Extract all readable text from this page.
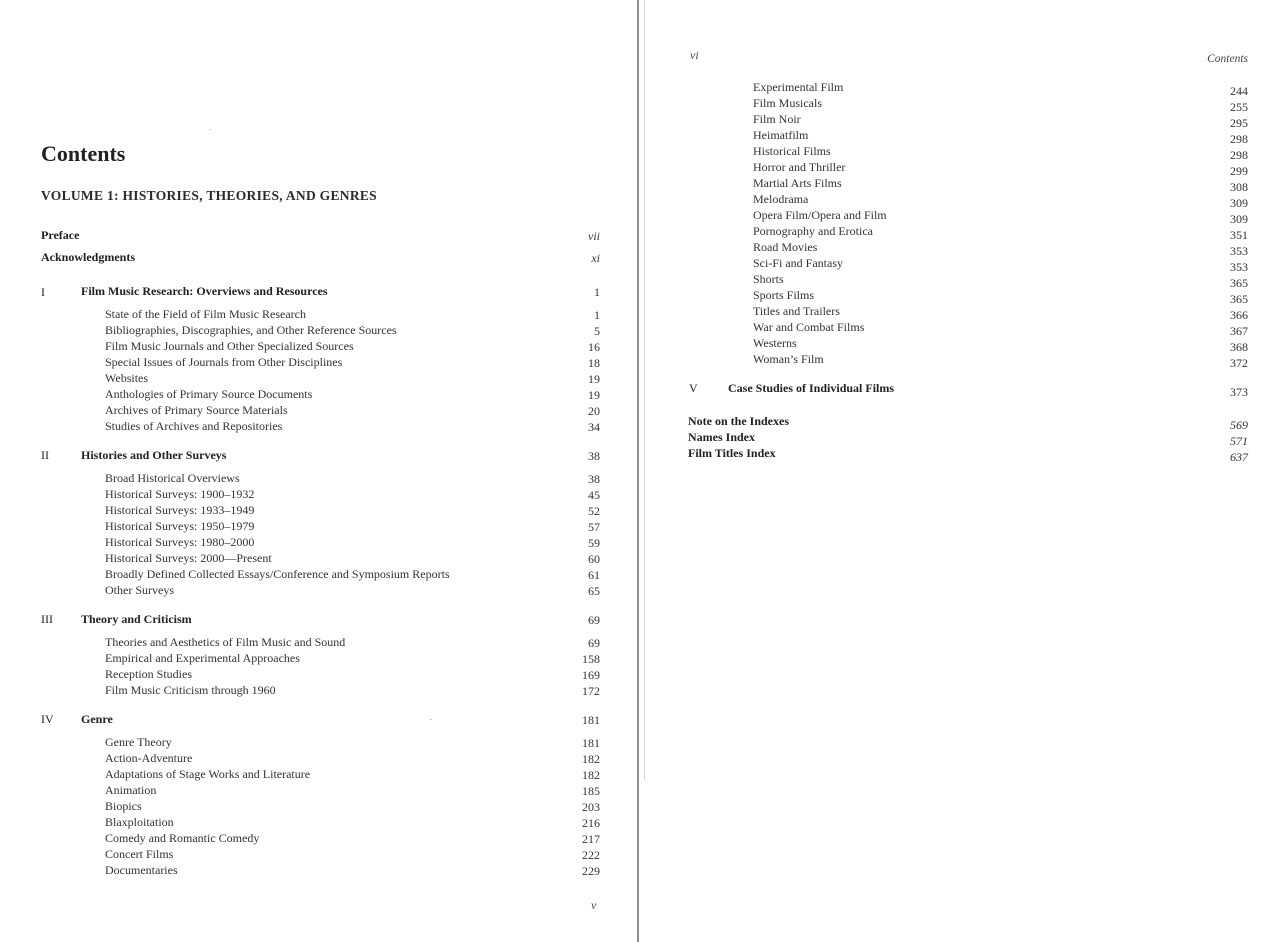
Contents
VOLUME 1: HISTORIES, THEORIES, AND GENRES
Preface	vii
Acknowledgments	xi
I	Film Music Research: Overviews and Resources	1
State of the Field of Film Music Research	1
Bibliographies, Discographies, and Other Reference Sources	5
Film Music Journals and Other Specialized Sources	16
Special Issues of Journals from Other Disciplines	18
Websites	19
Anthologies of Primary Source Documents	19
Archives of Primary Source Materials	20
Studies of Archives and Repositories	34
II	Histories and Other Surveys	38
Broad Historical Overviews	38
Historical Surveys: 1900–1932	45
Historical Surveys: 1933–1949	52
Historical Surveys: 1950–1979	57
Historical Surveys: 1980–2000	59
Historical Surveys: 2000—Present	60
Broadly Defined Collected Essays/Conference and Symposium Reports	61
Other Surveys	65
III Theory and Criticism	69
Theories and Aesthetics of Film Music and Sound	69
Empirical and Experimental Approaches	158
Reception Studies	169
Film Music Criticism through 1960	172
IV Genre	181
Genre Theory	181
Action-Adventure	182
Adaptations of Stage Works and Literature	182
Animation	185
Biopics	203
Blaxploitation	216
Comedy and Romantic Comedy	217
Concert Films	222
Documentaries	229
v
vi	Contents
Experimental Film	244
Film Musicals	255
Film Noir	295
Heimatfilm	298
Historical Films	298
Horror and Thriller	299
Martial Arts Films	308
Melodrama	309
Opera Film/Opera and Film	309
Pornography and Erotica	351
Road Movies	353
Sci-Fi and Fantasy	353
Shorts	365
Sports Films	365
Titles and Trailers	366
War and Combat Films	367
Westerns	368
Woman’s Film	372
V	Case Studies of Individual Films	373
Note on the Indexes	569
Names Index	571
Film Titles Index	637
